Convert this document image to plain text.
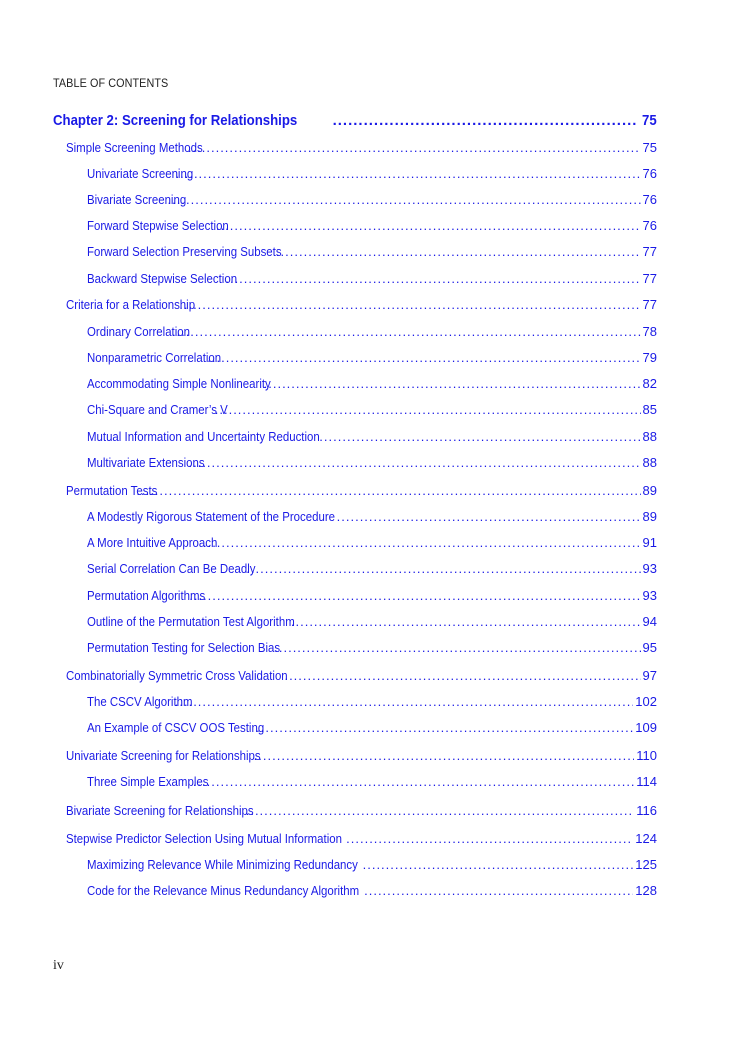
TABLE OF CONTENTS
Chapter 2: Screening for Relationships .....	75
Simple Screening Methods .....	75
Univariate Screening .....	76
Bivariate Screening .....	76
Forward Stepwise Selection .....	76
Forward Selection Preserving Subsets .....	77
Backward Stepwise Selection .....	77
Criteria for a Relationship .....	77
Ordinary Correlation .....	78
Nonparametric Correlation .....	79
Accommodating Simple Nonlinearity .....	82
Chi-Square and Cramer’s V .....	85
Mutual Information and Uncertainty Reduction .....	88
Multivariate Extensions .....	88
Permutation Tests .....	89
A Modestly Rigorous Statement of the Procedure .....	89
A More Intuitive Approach .....	91
Serial Correlation Can Be Deadly .....	93
Permutation Algorithms .....	93
Outline of the Permutation Test Algorithm .....	94
Permutation Testing for Selection Bias .....	95
Combinatorially Symmetric Cross Validation .....	97
The CSCV Algorithm .....	102
An Example of CSCV OOS Testing .....	109
Univariate Screening for Relationships .....	110
Three Simple Examples .....	114
Bivariate Screening for Relationships .....	116
Stepwise Predictor Selection Using Mutual Information .....	124
Maximizing Relevance While Minimizing Redundancy .....	125
Code for the Relevance Minus Redundancy Algorithm .....	128
iv
